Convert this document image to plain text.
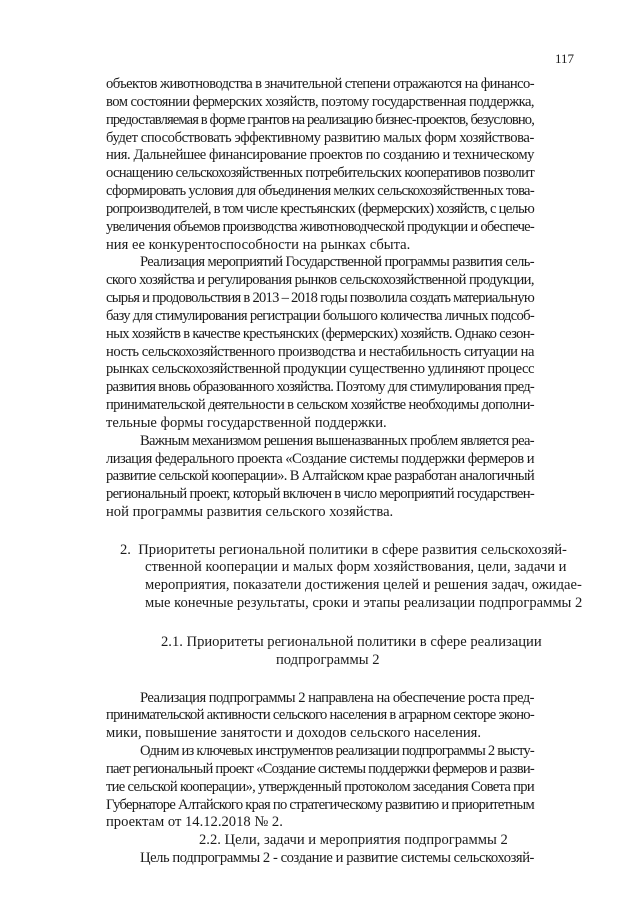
117
объектов животноводства в значительной степени отражаются на финансо-
вом состоянии фермерских хозяйств, поэтому государственная поддержка,
предоставляемая в форме грантов на реализацию бизнес-проектов, безусловно,
будет способствовать эффективному развитию малых форм хозяйствова-
ния. Дальнейшее финансирование проектов по созданию и техническому
оснащению сельскохозяйственных потребительских кооперативов позволит
сформировать условия для объединения мелких сельскохозяйственных това-
ропроизводителей, в том числе крестьянских (фермерских) хозяйств, с целью
увеличения объемов производства животноводческой продукции и обеспече-
ния ее конкурентоспособности на рынках сбыта.
Реализация мероприятий Государственной программы развития сель-
ского хозяйства и регулирования рынков сельскохозяйственной продукции,
сырья и продовольствия в 2013 – 2018 годы позволила создать материальную
базу для стимулирования регистрации большого количества личных подсоб-
ных хозяйств в качестве крестьянских (фермерских) хозяйств. Однако сезон-
ность сельскохозяйственного производства и нестабильность ситуации на
рынках сельскохозяйственной продукции существенно удлиняют процесс
развития вновь образованного хозяйства. Поэтому для стимулирования пред-
принимательской деятельности в сельском хозяйстве необходимы дополни-
тельные формы государственной поддержки.
Важным механизмом решения вышеназванных проблем является реа-
лизация федерального проекта «Создание системы поддержки фермеров и
развитие сельской кооперации». В Алтайском крае разработан аналогичный
региональный проект, который включен в число мероприятий государствен-
ной программы развития сельского хозяйства.
2.  Приоритеты региональной политики в сфере развития сельскохозяй-
ственной кооперации и малых форм хозяйствования, цели, задачи и
мероприятия, показатели достижения целей и решения задач, ожидае-
мые конечные результаты, сроки и этапы реализации подпрограммы 2
2.1. Приоритеты региональной политики в сфере реализации
подпрограммы 2
Реализация подпрограммы 2 направлена на обеспечение роста пред-
принимательской активности сельского населения в аграрном секторе эконо-
мики, повышение занятости и доходов сельского населения.
Одним из ключевых инструментов реализации подпрограммы 2 высту-
пает региональный проект «Создание системы поддержки фермеров и разви-
тие сельской кооперации», утвержденный протоколом заседания Совета при
Губернаторе Алтайского края по стратегическому развитию и приоритетным
проектам от 14.12.2018 № 2.
2.2. Цели, задачи и мероприятия подпрограммы 2
Цель подпрограммы 2 - создание и развитие системы сельскохозяй-
